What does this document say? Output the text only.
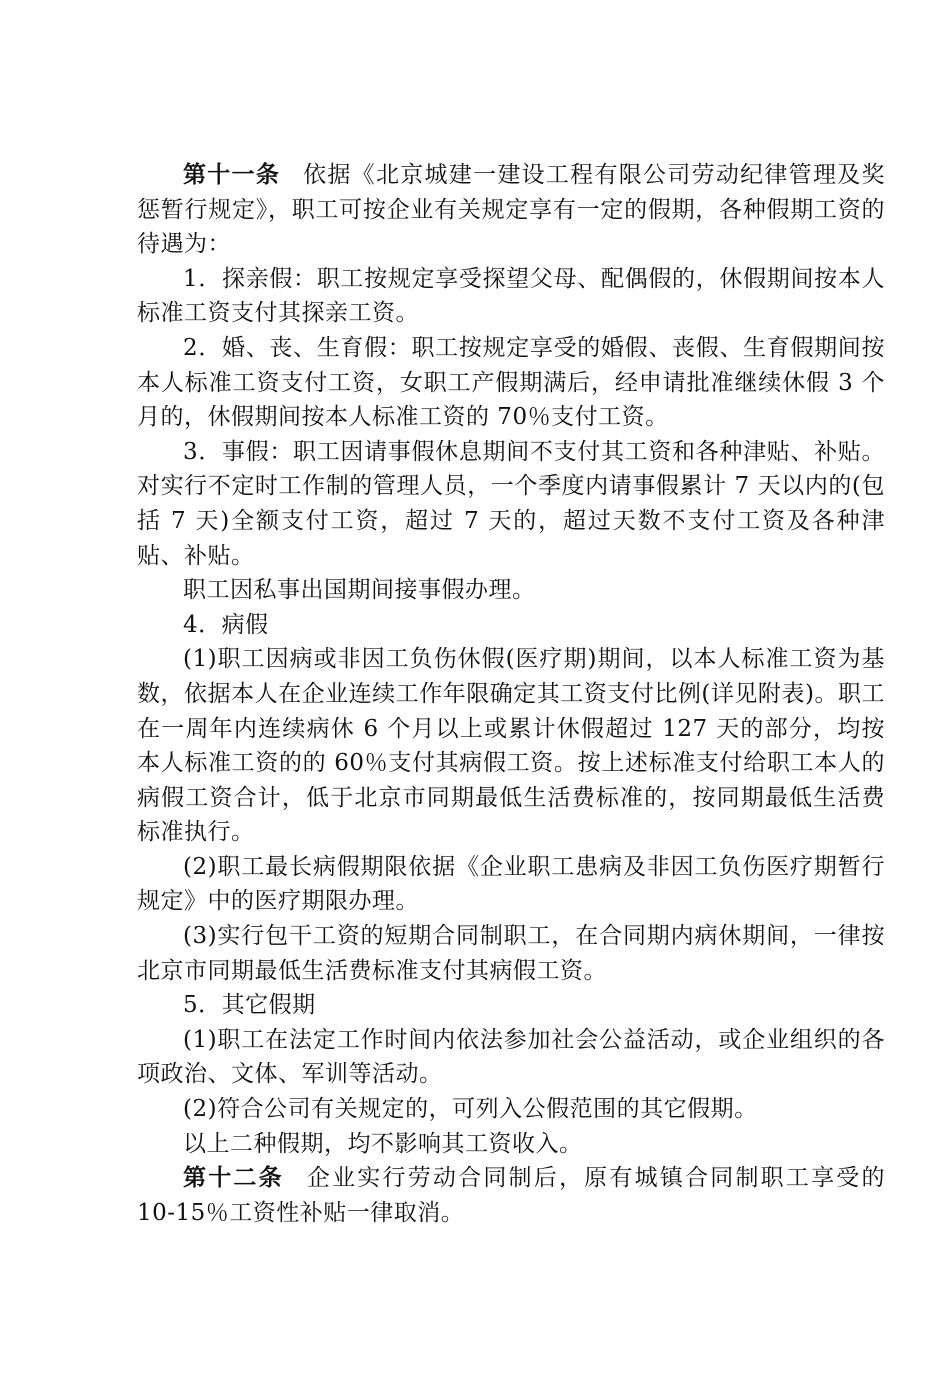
第十一条 依据《北京城建一建设工程有限公司劳动纪律管理及奖惩暂行规定》，职工可按企业有关规定享有一定的假期，各种假期工资的待遇为：

1．探亲假：职工按规定享受探望父母、配偶假的，休假期间按本人标准工资支付其探亲工资。

2．婚、丧、生育假：职工按规定享受的婚假、丧假、生育假期间按本人标准工资支付工资，女职工产假期满后，经申请批准继续休假 3 个月的，休假期间按本人标准工资的 70％支付工资。

3．事假：职工因请事假休息期间不支付其工资和各种津贴、补贴。对实行不定时工作制的管理人员，一个季度内请事假累计 7 天以内的(包括 7 天)全额支付工资，超过 7 天的，超过天数不支付工资及各种津贴、补贴。

职工因私事出国期间接事假办理。

4．病假

(1)职工因病或非因工负伤休假(医疗期)期间，以本人标准工资为基数，依据本人在企业连续工作年限确定其工资支付比例(详见附表)。职工在一周年内连续病休 6 个月以上或累计休假超过 127 天的部分，均按本人标准工资的的 60％支付其病假工资。按上述标准支付给职工本人的病假工资合计，低于北京市同期最低生活费标准的，按同期最低生活费标准执行。

(2)职工最长病假期限依据《企业职工患病及非因工负伤医疗期暂行规定》中的医疗期限办理。

(3)实行包干工资的短期合同制职工，在合同期内病休期间，一律按北京市同期最低生活费标准支付其病假工资。

5．其它假期

(1)职工在法定工作时间内依法参加社会公益活动，或企业组织的各项政治、文体、军训等活动。

(2)符合公司有关规定的，可列入公假范围的其它假期。

以上二种假期，均不影响其工资收入。

第十二条 企业实行劳动合同制后，原有城镇合同制职工享受的 10-15％工资性补贴一律取消。
